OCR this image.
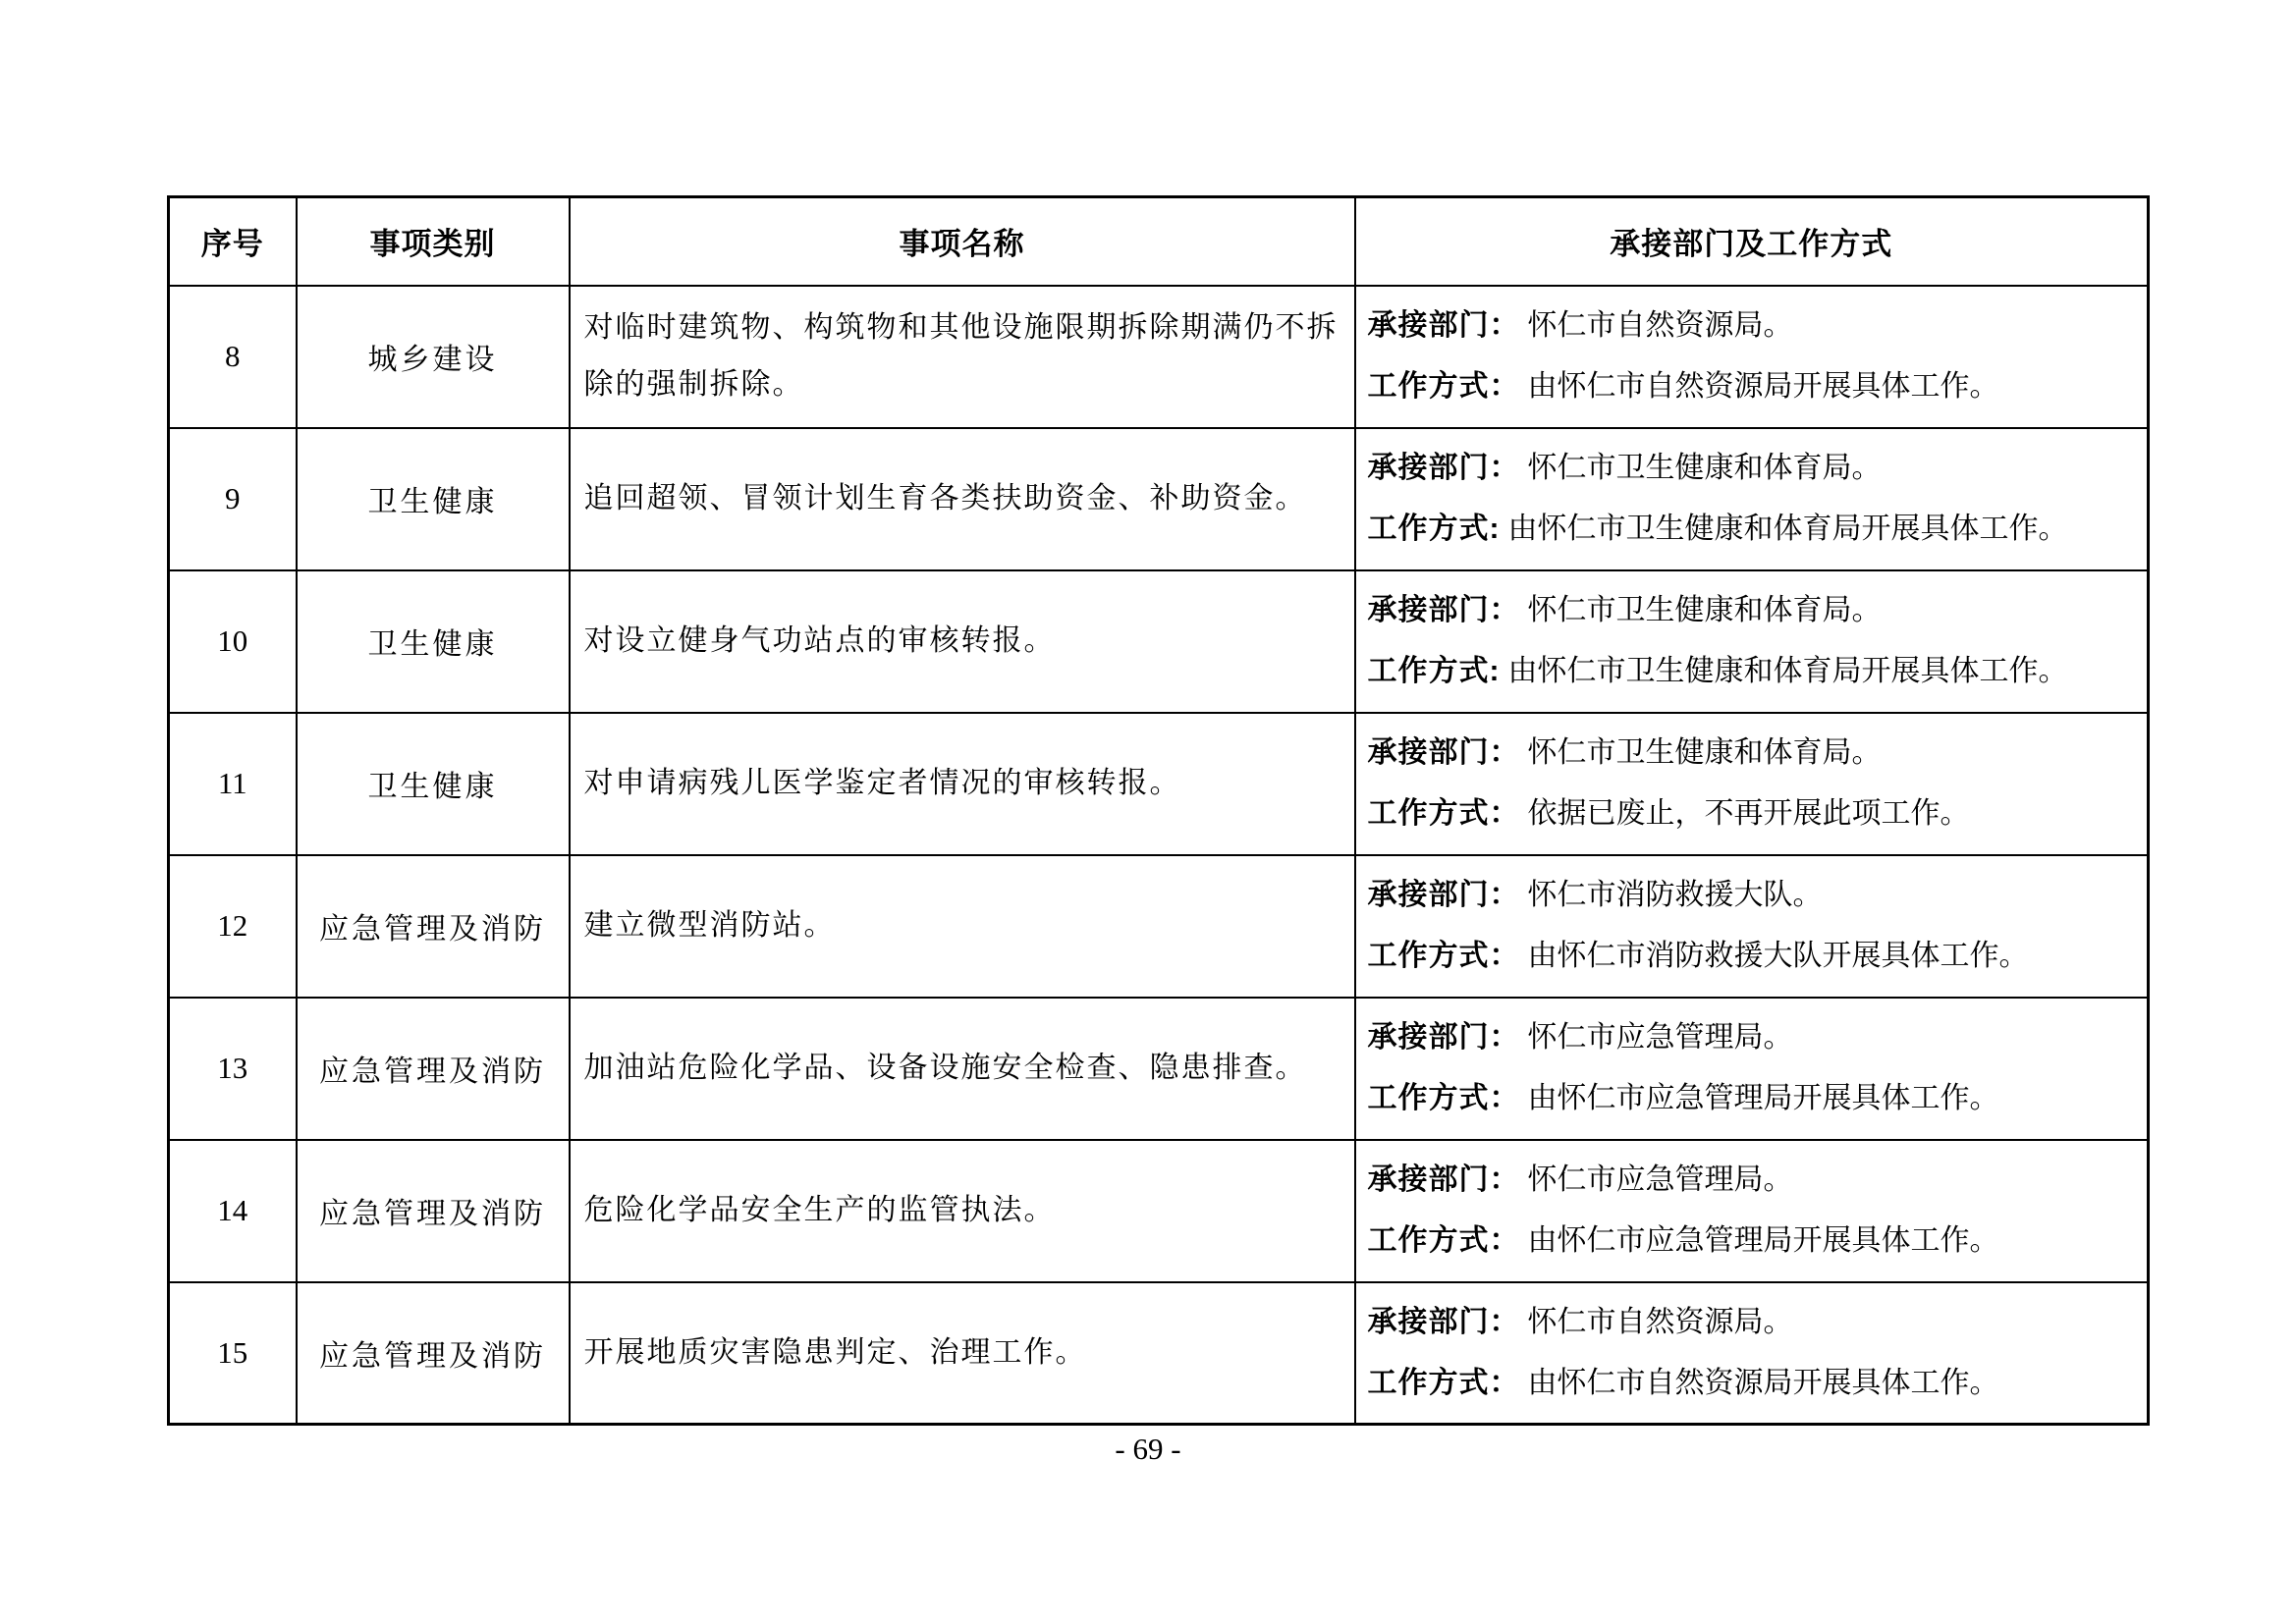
序号	事项类别	事项名称	承接部门及工作方式
8	城乡建设	对临时建筑物、构筑物和其他设施限期拆除期满仍不拆除的强制拆除。	承接部门： 怀仁市自然资源局。
工作方式： 由怀仁市自然资源局开展具体工作。

9	卫生健康	追回超领、冒领计划生育各类扶助资金、补助资金。	承接部门： 怀仁市卫生健康和体育局。
工作方式: 由怀仁市卫生健康和体育局开展具体工作。

10	卫生健康	对设立健身气功站点的审核转报。	承接部门： 怀仁市卫生健康和体育局。
工作方式: 由怀仁市卫生健康和体育局开展具体工作。

11	卫生健康	对申请病残儿医学鉴定者情况的审核转报。	承接部门： 怀仁市卫生健康和体育局。
工作方式： 依据已废止，不再开展此项工作。

12	应急管理及消防	建立微型消防站。	承接部门： 怀仁市消防救援大队。
工作方式： 由怀仁市消防救援大队开展具体工作。

13	应急管理及消防	加油站危险化学品、设备设施安全检查、隐患排查。	承接部门： 怀仁市应急管理局。
工作方式： 由怀仁市应急管理局开展具体工作。

14	应急管理及消防	危险化学品安全生产的监管执法。	承接部门： 怀仁市应急管理局。
工作方式： 由怀仁市应急管理局开展具体工作。

15	应急管理及消防	开展地质灾害隐患判定、治理工作。	承接部门： 怀仁市自然资源局。
工作方式： 由怀仁市自然资源局开展具体工作。
- 69 -
